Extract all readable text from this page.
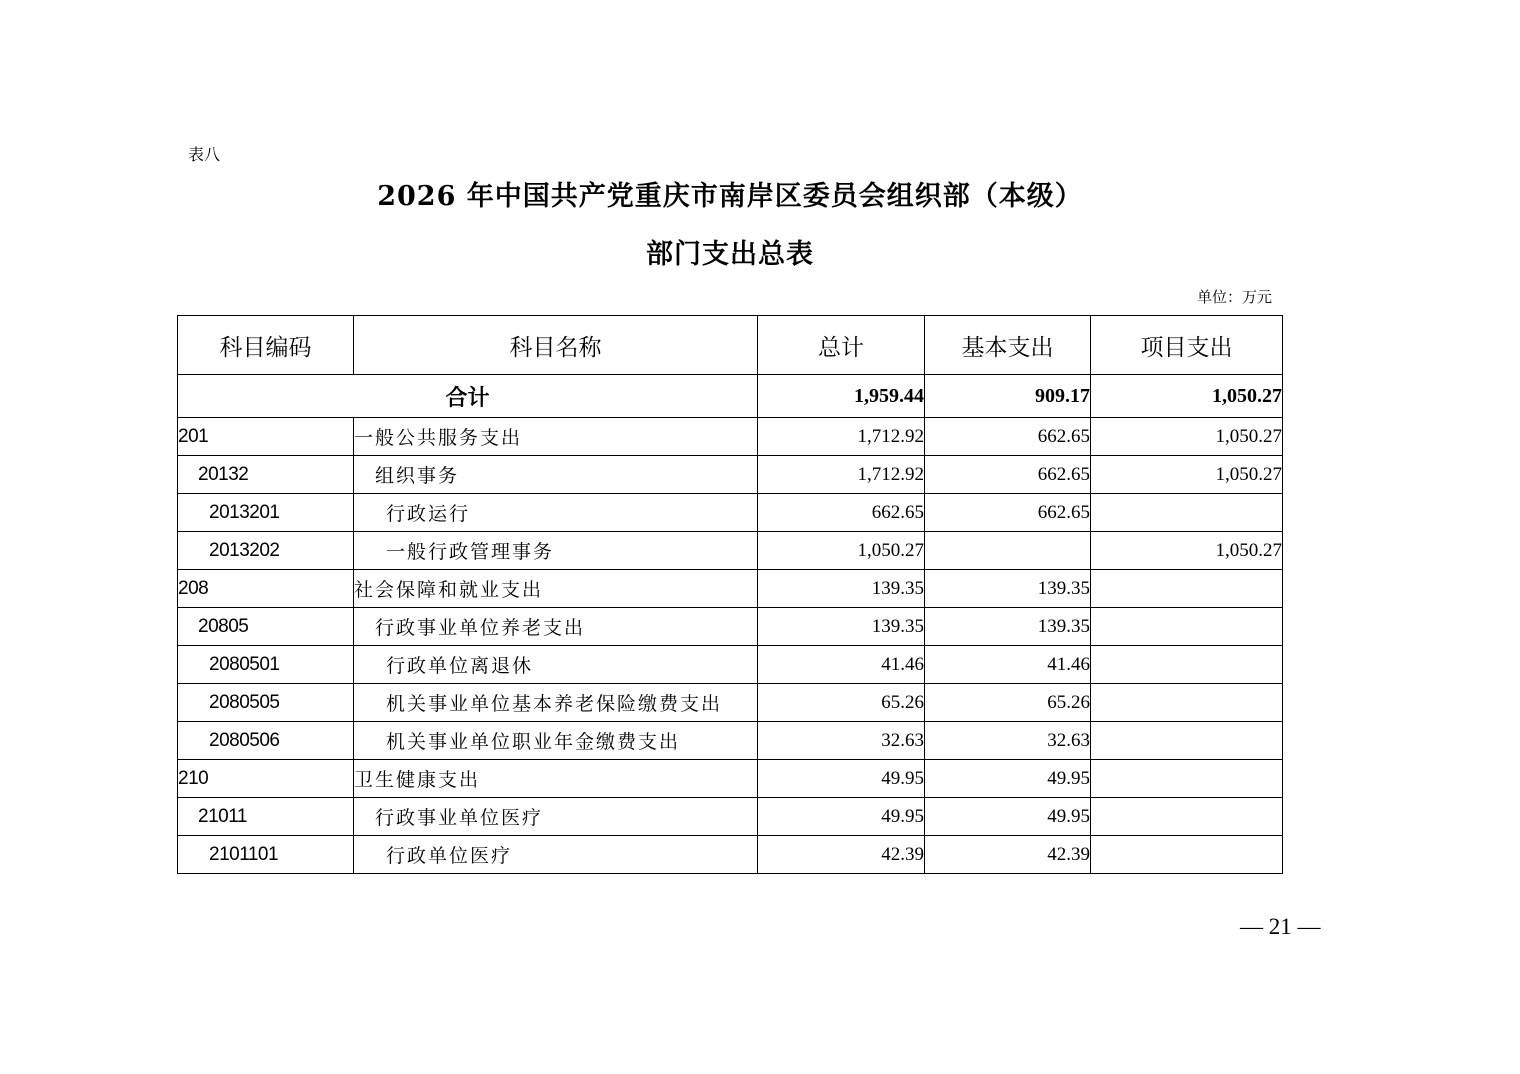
表八
2026 年中国共产党重庆市南岸区委员会组织部（本级）
部门支出总表
单位：万元
科目编码	科目名称	总计	基本支出	项目支出
合计		1,959.44	909.17	1,050.27
201	一般公共服务支出	1,712.92	662.65	1,050.27
20132	组织事务	1,712.92	662.65	1,050.27
2013201	行政运行	662.65	662.65	
2013202	一般行政管理事务	1,050.27		1,050.27
208	社会保障和就业支出	139.35	139.35	
20805	行政事业单位养老支出	139.35	139.35	
2080501	行政单位离退休	41.46	41.46	
2080505	机关事业单位基本养老保险缴费支出	65.26	65.26	
2080506	机关事业单位职业年金缴费支出	32.63	32.63	
210	卫生健康支出	49.95	49.95	
21011	行政事业单位医疗	49.95	49.95	
2101101	行政单位医疗	42.39	42.39	
— 21 —
